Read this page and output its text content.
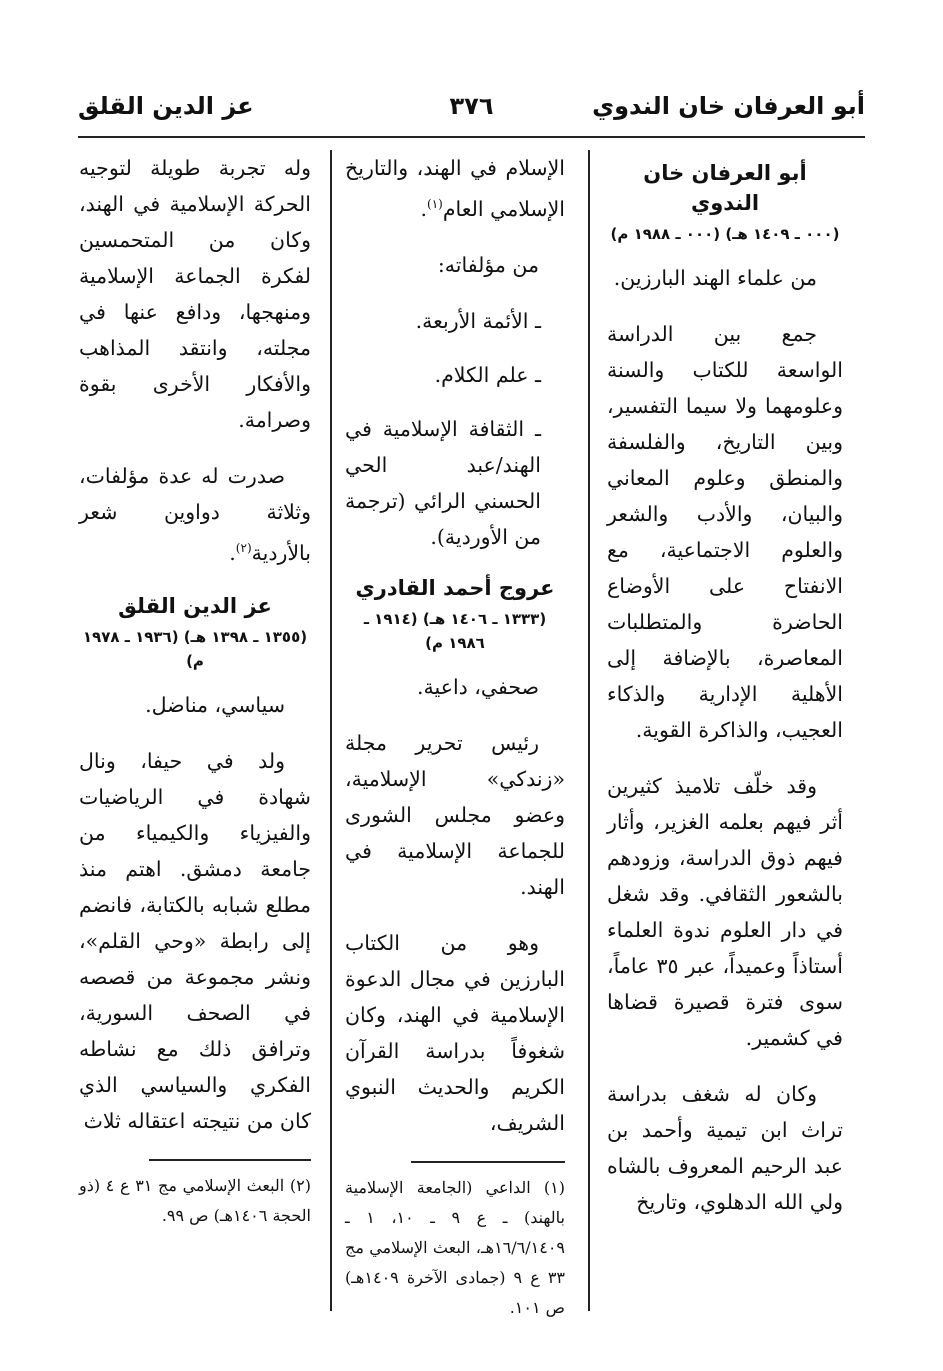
أبو العرفان خان الندوي
٣٧٦
عز الدين القلق
أبو العرفان خان الندوي
(٠٠٠ ـ ١٤٠٩ هـ) (٠٠٠ ـ ١٩٨٨ م)

من علماء الهند البارزين.

جمع بين الدراسة الواسعة للكتاب والسنة وعلومهما ولا سيما التفسير، وبين التاريخ، والفلسفة والمنطق وعلوم المعاني والبيان، والأدب والشعر والعلوم الاجتماعية، مع الانفتاح على الأوضاع الحاضرة والمتطلبات المعاصرة، بالإضافة إلى الأهلية الإدارية والذكاء العجيب، والذاكرة القوية.

وقد خلّف تلاميذ كثيرين أثر فيهم بعلمه الغزير، وأثار فيهم ذوق الدراسة، وزودهم بالشعور الثقافي. وقد شغل في دار العلوم ندوة العلماء أستاذاً وعميداً، عبر ٣٥ عاماً، سوى فترة قصيرة قضاها في كشمير.

وكان له شغف بدراسة تراث ابن تيمية وأحمد بن عبد الرحيم المعروف بالشاه ولي الله الدهلوي، وتاريخ

الإسلام في الهند، والتاريخ الإسلامي العام$^{(١)}$.

من مؤلفاته:

ـ الأئمة الأربعة.
ـ علم الكلام.
ـ الثقافة الإسلامية في الهند/عبد الحي الحسني الرائي (ترجمة من الأوردية).
عروج أحمد القادري
(١٣٣٣ ـ ١٤٠٦ هـ) (١٩١٤ ـ ١٩٨٦ م)

صحفي، داعية.

رئيس تحرير مجلة «زندكي» الإسلامية، وعضو مجلس الشورى للجماعة الإسلامية في الهند.

وهو من الكتاب البارزين في مجال الدعوة الإسلامية في الهند، وكان شغوفاً بدراسة القرآن الكريم والحديث النبوي الشريف،

(١) الداعي (الجامعة الإسلامية بالهند) ـ ع ٩ ـ ١٠، ١ ـ ١٦/٦/١٤٠٩هـ، البعث الإسلامي مج ٣٣ ع ٩ (جمادى الآخرة ١٤٠٩هـ) ص ١٠١.

وله تجربة طويلة لتوجيه الحركة الإسلامية في الهند، وكان من المتحمسين لفكرة الجماعة الإسلامية ومنهجها، ودافع عنها في مجلته، وانتقد المذاهب والأفكار الأخرى بقوة وصرامة.

صدرت له عدة مؤلفات، وثلاثة دواوين شعر بالأردية$^{(٢)}$.

عز الدين القلق
(١٣٥٥ ـ ١٣٩٨ هـ) (١٩٣٦ ـ ١٩٧٨ م)

سياسي، مناضل.

ولد في حيفا، ونال شهادة في الرياضيات والفيزياء والكيمياء من جامعة دمشق. اهتم منذ مطلع شبابه بالكتابة، فانضم إلى رابطة «وحي القلم»، ونشر مجموعة من قصصه في الصحف السورية، وترافق ذلك مع نشاطه الفكري والسياسي الذي كان من نتيجته اعتقاله ثلاث

(٢) البعث الإسلامي مج ٣١ ع ٤ (ذو الحجة ١٤٠٦هـ) ص ٩٩.
